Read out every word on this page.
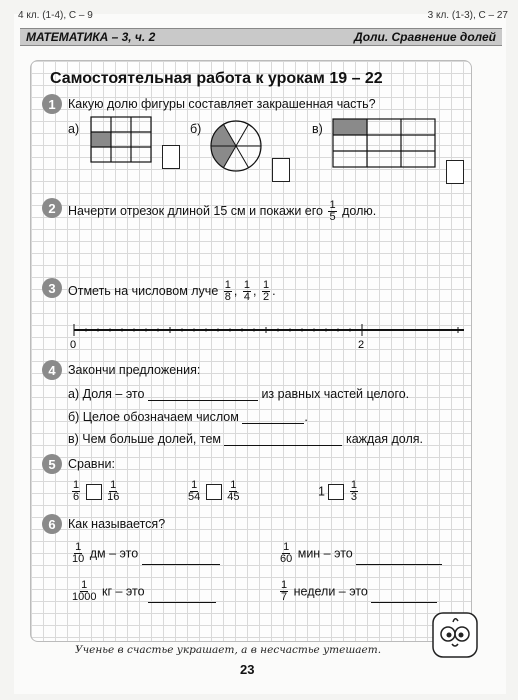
4 кл. (1-4), С – 9	3 кл. (1-3), С – 27
МАТЕМАТИКА – 3, ч. 2	Доли. Сравнение долей
Самостоятельная работа к урокам 19 – 22
1 Какую долю фигуры составляет закрашенная часть?
а)	б)	в)
2 Начерти отрезок длиной 15 см и покажи его $\frac{1}{5}$ долю.
3 Отметь на числовом луче $\frac{1}{8}$ , $\frac{1}{4}$ , $\frac{1}{2}$ .
0	2
4 Закончи предложения:
а) Доля – это	из равных частей целого.
б) Целое обозначаем числом	.
в) Чем больше долей, тем	каждая доля.
5 Сравни:
$\frac{1}{6}$
$\frac{1}{16}$	$\frac{1}{54}$
$\frac{1}{45}$	$1 \frac{1}{3}$
6 Как называется?
$\frac{1}{10}$ дм – это	$\frac{1}{60}$ мин – это
$\frac{1}{1000}$ кг – это	$\frac{1}{7}$ недели – это
Ученье в счастье украшает, а в несчастье утешает.
23
